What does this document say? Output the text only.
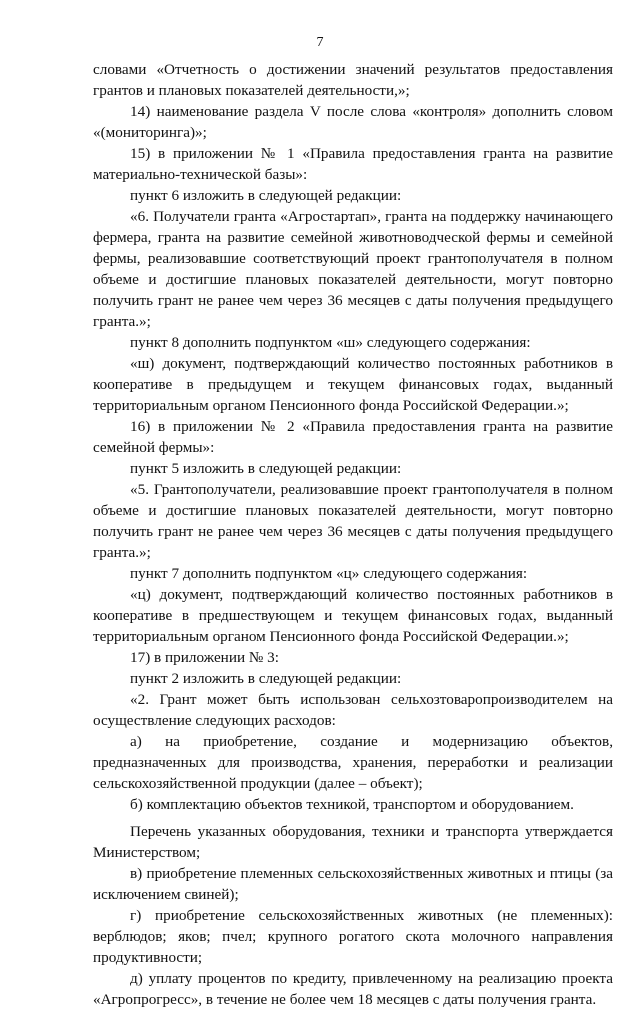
7

словами «Отчетность о достижении значений результатов предоставления грантов и плановых показателей деятельности,»;

14) наименование раздела V после слова «контроля» дополнить словом «(мониторинга)»;

15) в приложении № 1 «Правила предоставления гранта на развитие материально-технической базы»:

пункт 6 изложить в следующей редакции:

«6. Получатели гранта «Агростартап», гранта на поддержку начинающего фермера, гранта на развитие семейной животноводческой фермы и семейной фермы, реализовавшие соответствующий проект грантополучателя в полном объеме и достигшие плановых показателей деятельности, могут повторно получить грант не ранее чем через 36 месяцев с даты получения предыдущего гранта.»;

пункт 8 дополнить подпунктом «ш» следующего содержания:

«ш) документ, подтверждающий количество постоянных работников в кооперативе в предыдущем и текущем финансовых годах, выданный территориальным органом Пенсионного фонда Российской Федерации.»;

16) в приложении № 2 «Правила предоставления гранта на развитие семейной фермы»:

пункт 5 изложить в следующей редакции:

«5. Грантополучатели, реализовавшие проект грантополучателя в полном объеме и достигшие плановых показателей деятельности, могут повторно получить грант не ранее чем через 36 месяцев с даты получения предыдущего гранта.»;

пункт 7 дополнить подпунктом «ц» следующего содержания:

«ц) документ, подтверждающий количество постоянных работников в кооперативе в предшествующем и текущем финансовых годах, выданный территориальным органом Пенсионного фонда Российской Федерации.»;

17) в приложении № 3:

пункт 2 изложить в следующей редакции:

«2. Грант может быть использован сельхозтоваропроизводителем на осуществление следующих расходов:

а) на приобретение, создание и модернизацию объектов, предназначенных для производства, хранения, переработки и реализации сельскохозяйственной продукции (далее – объект);

б) комплектацию объектов техникой, транспортом и оборудованием.

Перечень указанных оборудования, техники и транспорта утверждается Министерством;

в) приобретение племенных сельскохозяйственных животных и птицы (за исключением свиней);

г) приобретение сельскохозяйственных животных (не племенных): верблюдов; яков; пчел; крупного рогатого скота молочного направления продуктивности;

д) уплату процентов по кредиту, привлеченному на реализацию проекта «Агропрогресс», в течение не более чем 18 месяцев с даты получения гранта.
